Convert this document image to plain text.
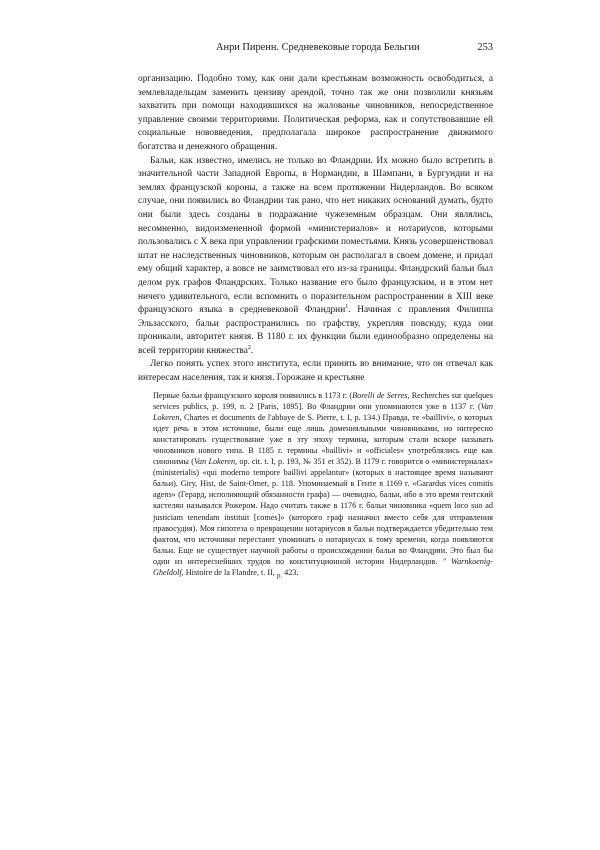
Анри Пиренн. Средневековые города Бельгии	253

организацию. Подобно тому, как они дали крестьянам возможность освободиться, а землевладельцам заменить цензиву арендой, точно так же они позволили князьям захватить при помощи находившихся на жалованье чиновников, непосредственное управление своими территориями. Политическая реформа, как и сопутствовавшие ей социальные нововведения, предполагала широкое распространение движимого богатства и денежного обращения.

Бальи, как известно, имелись не только во Фландрии. Их можно было встретить в значительной части Западной Европы, в Нормандии, в Шампани, в Бургундии и на землях французской короны, а также на всем протяжении Нидерландов. Во всяком случае, они появились во Фландрии так рано, что нет никаких оснований думать, будто они были здесь созданы в подражание чужеземным образцам. Они являлись, несомненно, видоизмененной формой «министериалов» и нотариусов, которыми пользовались с X века при управлении графскими поместьями. Князь усовершенствовал штат не наследственных чиновников, которым он располагал в своем домене, и придал ему общий характер, а вовсе не заимствовал его из-за границы. Фландрский бальи был делом рук графов Фландрских. Только название его было французским, и в этом нет ничего удивительного, если вспомнить о поразительном распространении в XIII веке французского языка в средневековой Фландрии$^1$. Начиная с правления Филиппа Эльзасского, бальи распространились по графству, укрепляя повсюду, куда они проникали, авторитет князя. В 1180 г. их функции были единообразно определены на всей территории княжества$^2$.

Легко понять успех этого института, если принять во внимание, что он отвечал как интересам населения, так и князя. Горожане и крестьяне

Первые бальи французского короля появились в 1173 г. (Borelli de Serres, Recherches sur quelques services publics, p. 199, n. 2 [Paris, 1895]. Во Фландрии они упоминаются уже в 1137 г. (Van Lokeren, Chartes et documents de l'abbaye de S. Pierre, t. I, p. 134.) Правда, те «baillivi», о которых идет речь в этом источнике, были еще лишь доменияльными чиновниками, но интересно констатировать существование уже в эту эпоху термина, которым стали вскоре называть чиновников нового типа. В 1185 г. термины «baillivi» и «officiales» употреблялись еще как синонимы (Van Lokeren, op. cit. t. I, p. 193, № 351 et 352). В 1179 г. говорится о «министериалах» (ministerialis) «qui moderno tempore baillivi appelantur» (которых в настоящее время называют бальи). Giry, Hist, de Saint-Omer, p. 118. Упоминаемый в Генте в 1169 г. «Garardus vices comitis agens» (Герард, исполняющий обязанности графа) — очевидно, бальи, ибо в это время гентский кастелян назывался Рожером. Надо считать также в 1176 г. бальи чиновника «quem loco suo ad justiciam tenendam instituit [comes]» (которого граф назначил вместо себя для отправления правосудия). Моя гипотеза о превращении нотариусов в бальи подтверждается убедительно тем фактом, что источники перестают упоминать о нотариусах к тому времени, когда появляются бальи. Еще не существует научной работы о происхождении бальи во Фландрии. Это был бы один из интереснейших трудов по конституционной истории Нидерландов. " Warnkoenig-Gheldolf, Histoire de la Flandre, t. II, $_{р.}$ 423.
